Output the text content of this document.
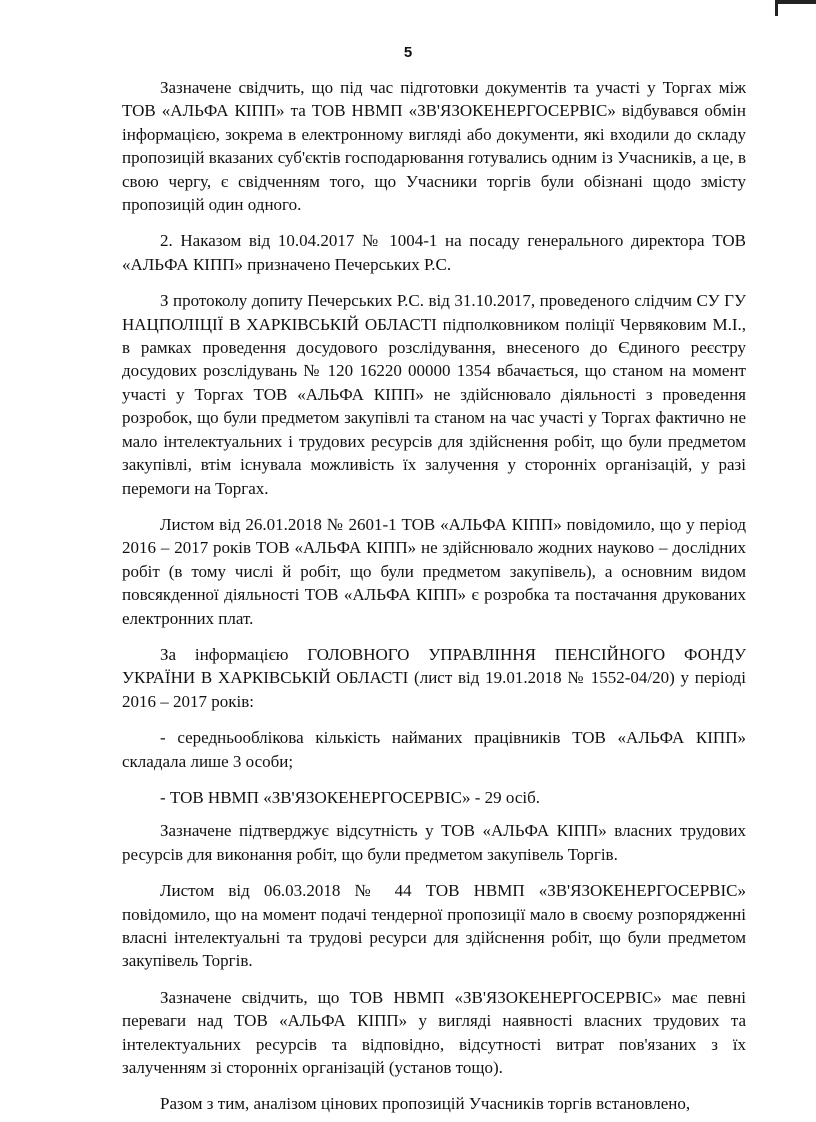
5

Зазначене свідчить, що під час підготовки документів та участі у Торгах між ТОВ «АЛЬФА КІПП» та ТОВ НВМП «ЗВ'ЯЗОКЕНЕРГОСЕРВІС» відбувався обмін інформацією, зокрема в електронному вигляді або документи, які входили до складу пропозицій вказаних суб'єктів господарювання готувались одним із Учасників, а це, в свою чергу, є свідченням того, що Учасники торгів були обізнані щодо змісту пропозицій один одного.

2. Наказом від 10.04.2017 № 1004-1 на посаду генерального директора ТОВ «АЛЬФА КІПП» призначено Печерських Р.С.

З протоколу допиту Печерських Р.С. від 31.10.2017, проведеного слідчим СУ ГУ НАЦПОЛІЦІЇ В ХАРКІВСЬКІЙ ОБЛАСТІ підполковником поліції Червяковим М.І., в рамках проведення досудового розслідування, внесеного до Єдиного реєстру досудових розслідувань № 120 16220 00000 1354 вбачається, що станом на момент участі у Торгах ТОВ «АЛЬФА КІПП» не здійснювало діяльності з проведення розробок, що були предметом закупівлі та станом на час участі у Торгах фактично не мало інтелектуальних і трудових ресурсів для здійснення робіт, що були предметом закупівлі, втім існувала можливість їх залучення у сторонніх організацій, у разі перемоги на Торгах.

Листом від 26.01.2018 № 2601-1 ТОВ «АЛЬФА КІПП» повідомило, що у період 2016 – 2017 років ТОВ «АЛЬФА КІПП» не здійснювало жодних науково – дослідних робіт (в тому числі й робіт, що були предметом закупівель), а основним видом повсякденної діяльності ТОВ «АЛЬФА КІПП» є розробка та постачання друкованих електронних плат.

За інформацією ГОЛОВНОГО УПРАВЛІННЯ ПЕНСІЙНОГО ФОНДУ УКРАЇНИ В ХАРКІВСЬКІЙ ОБЛАСТІ (лист від 19.01.2018 № 1552-04/20) у періоді 2016 – 2017 років:

- середньооблікова кількість найманих працівників ТОВ «АЛЬФА КІПП» складала лише 3 особи;

- ТОВ НВМП «ЗВ'ЯЗОКЕНЕРГОСЕРВІС» - 29 осіб.

Зазначене підтверджує відсутність у ТОВ «АЛЬФА КІПП» власних трудових ресурсів для виконання робіт, що були предметом закупівель Торгів.

Листом від 06.03.2018 № 44 ТОВ НВМП «ЗВ'ЯЗОКЕНЕРГОСЕРВІС» повідомило, що на момент подачі тендерної пропозиції мало в своєму розпорядженні власні інтелектуальні та трудові ресурси для здійснення робіт, що були предметом закупівель Торгів.

Зазначене свідчить, що ТОВ НВМП «ЗВ'ЯЗОКЕНЕРГОСЕРВІС» має певні переваги над ТОВ «АЛЬФА КІПП» у вигляді наявності власних трудових та інтелектуальних ресурсів та відповідно, відсутності витрат пов'язаних з їх залученням зі сторонніх організацій (установ тощо).

Разом з тим, аналізом цінових пропозицій Учасників торгів встановлено,
